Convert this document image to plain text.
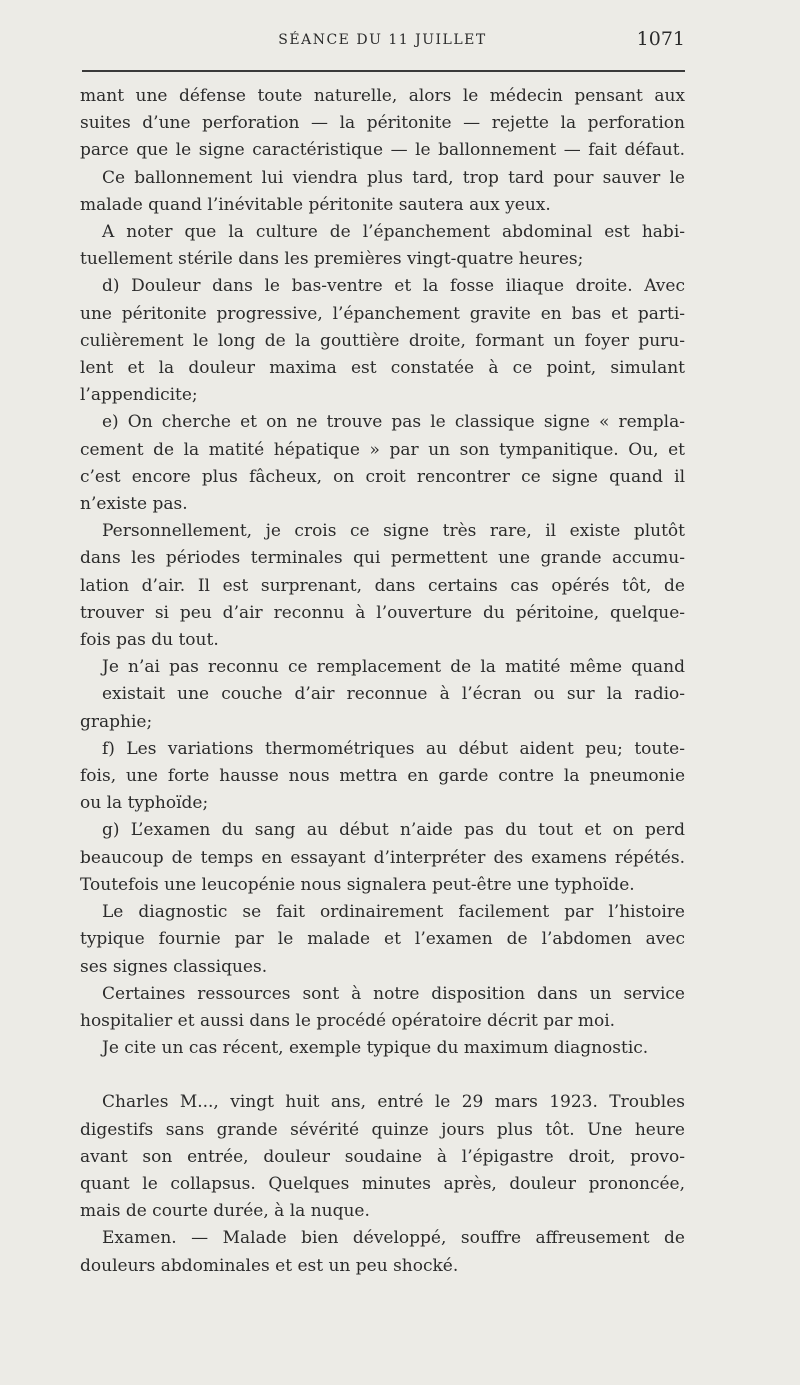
SÉANCE DU 11 JUILLET	1071
mant une défense toute naturelle, alors le médecin pensant aux
suites d’une perforation — la péritonite — rejette la perforation
parce que le signe caractéristique — le ballonnement — fait défaut.
Ce ballonnement lui viendra plus tard, trop tard pour sauver le
malade quand l’inévitable péritonite sautera aux yeux.
A noter que la culture de l’épanchement abdominal est habi-
tuellement stérile dans les premières vingt-quatre heures;
d) Douleur dans le bas-ventre et la fosse iliaque droite. Avec
une péritonite progressive, l’épanchement gravite en bas et parti-
culièrement le long de la gouttière droite, formant un foyer puru-
lent et la douleur maxima est constatée à ce point, simulant
l’appendicite;
e) On cherche et on ne trouve pas le classique signe « rempla-
cement de la matité hépatique » par un son tympanitique. Ou, et
c’est encore plus fâcheux, on croit rencontrer ce signe quand il
n’existe pas.
Personnellement, je crois ce signe très rare, il existe plutôt
dans les périodes terminales qui permettent une grande accumu-
lation d’air. Il est surprenant, dans certains cas opérés tôt, de
trouver si peu d’air reconnu à l’ouverture du péritoine, quelque-
fois pas du tout.
Je n’ai pas reconnu ce remplacement de la matité même quand
existait une couche d’air reconnue à l’écran ou sur la radio-
graphie;
f) Les variations thermométriques au début aident peu; toute-
fois, une forte hausse nous mettra en garde contre la pneumonie
ou la typhoïde;
g) L’examen du sang au début n’aide pas du tout et on perd
beaucoup de temps en essayant d’interpréter des examens répétés.
Toutefois une leucopénie nous signalera peut-être une typhoïde.
Le diagnostic se fait ordinairement facilement par l’histoire
typique fournie par le malade et l’examen de l’abdomen avec
ses signes classiques.
Certaines ressources sont à notre disposition dans un service
hospitalier et aussi dans le procédé opératoire décrit par moi.
Je cite un cas récent, exemple typique du maximum diagnostic.
Charles M..., vingt huit ans, entré le 29 mars 1923. Troubles
digestifs sans grande sévérité quinze jours plus tôt. Une heure
avant son entrée, douleur soudaine à l’épigastre droit, provo-
quant le collapsus. Quelques minutes après, douleur prononcée,
mais de courte durée, à la nuque.
Examen. — Malade bien développé, souffre affreusement de
douleurs abdominales et est un peu shocké.
